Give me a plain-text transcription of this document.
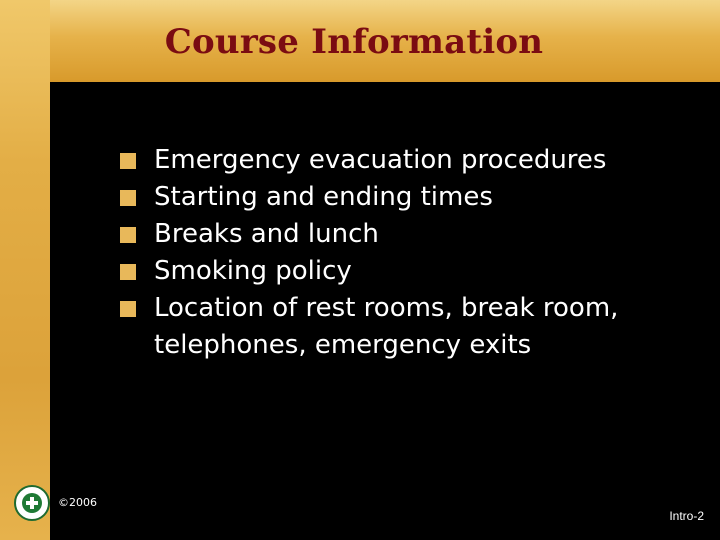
Course Information
Emergency evacuation procedures
Starting and ending times
Breaks and lunch
Smoking policy
Location of rest rooms, break room, telephones, emergency exits
©2006
Intro-2
